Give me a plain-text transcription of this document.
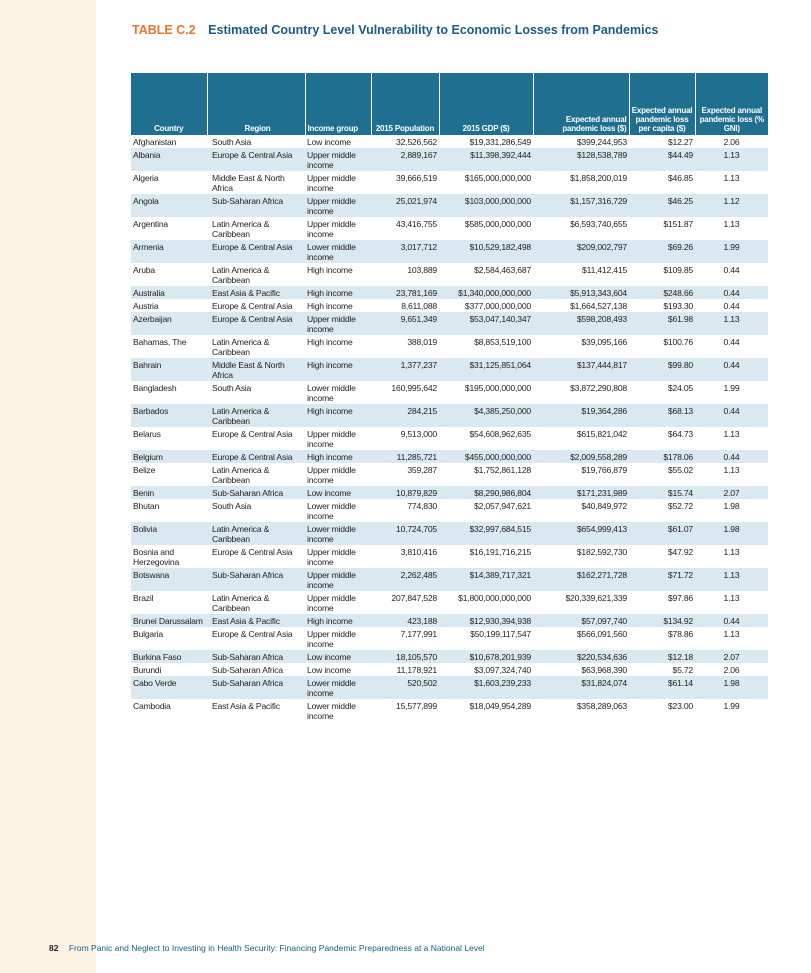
TABLE C.2 Estimated Country Level Vulnerability to Economic Losses from Pandemics
Country	Region	Income group	2015 Population	2015 GDP ($)	Expected annual pandemic loss ($)	Expected annual pandemic loss per capita ($)	Expected annual pandemic loss (% GNI)
Afghanistan	South Asia	Low income	32,526,562	$19,331,286,549	$399,244,953	$12.27	2.06
Albania	Europe & Central Asia	Upper middle income	2,889,167	$11,398,392,444	$128,538,789	$44.49	1.13
Algeria	Middle East & North Africa	Upper middle income	39,666,519	$165,000,000,000	$1,858,200,019	$46.85	1.13
Angola	Sub-Saharan Africa	Upper middle income	25,021,974	$103,000,000,000	$1,157,316,729	$46.25	1.12
Argentina	Latin America & Caribbean	Upper middle income	43,416,755	$585,000,000,000	$6,593,740,655	$151.87	1.13
Armenia	Europe & Central Asia	Lower middle income	3,017,712	$10,529,182,498	$209,002,797	$69.26	1.99
Aruba	Latin America & Caribbean	High income	103,889	$2,584,463,687	$11,412,415	$109.85	0.44
Australia	East Asia & Pacific	High income	23,781,169	$1,340,000,000,000	$5,913,343,604	$248.66	0.44
Austria	Europe & Central Asia	High income	8,611,088	$377,000,000,000	$1,664,527,138	$193.30	0.44
Azerbaijan	Europe & Central Asia	Upper middle income	9,651,349	$53,047,140,347	$598,208,493	$61.98	1.13
Bahamas, The	Latin America & Caribbean	High income	388,019	$8,853,519,100	$39,095,166	$100.76	0.44
Bahrain	Middle East & North Africa	High income	1,377,237	$31,125,851,064	$137,444,817	$99.80	0.44
Bangladesh	South Asia	Lower middle income	160,995,642	$195,000,000,000	$3,872,290,808	$24.05	1.99
Barbados	Latin America & Caribbean	High income	284,215	$4,385,250,000	$19,364,286	$68.13	0.44
Belarus	Europe & Central Asia	Upper middle income	9,513,000	$54,608,962,635	$615,821,042	$64.73	1.13
Belgium	Europe & Central Asia	High income	11,285,721	$455,000,000,000	$2,009,558,289	$178.06	0.44
Belize	Latin America & Caribbean	Upper middle income	359,287	$1,752,861,128	$19,766,879	$55.02	1.13
Benin	Sub-Saharan Africa	Low income	10,879,829	$8,290,986,804	$171,231,989	$15.74	2.07
Bhutan	South Asia	Lower middle income	774,830	$2,057,947,621	$40,849,972	$52.72	1.98
Bolivia	Latin America & Caribbean	Lower middle income	10,724,705	$32,997,684,515	$654,999,413	$61.07	1.98
Bosnia and Herzegovina	Europe & Central Asia	Upper middle income	3,810,416	$16,191,716,215	$182,592,730	$47.92	1.13
Botswana	Sub-Saharan Africa	Upper middle income	2,262,485	$14,389,717,321	$162,271,728	$71.72	1.13
Brazil	Latin America & Caribbean	Upper middle income	207,847,528	$1,800,000,000,000	$20,339,621,339	$97.86	1.13
Brunei Darussalam	East Asia & Pacific	High income	423,188	$12,930,394,938	$57,097,740	$134.92	0.44
Bulgaria	Europe & Central Asia	Upper middle income	7,177,991	$50,199,117,547	$566,091,560	$78.86	1.13
Burkina Faso	Sub-Saharan Africa	Low income	18,105,570	$10,678,201,939	$220,534,636	$12.18	2.07
Burundi	Sub-Saharan Africa	Low income	11,178,921	$3,097,324,740	$63,968,390	$5.72	2.06
Cabo Verde	Sub-Saharan Africa	Lower middle income	520,502	$1,603,239,233	$31,824,074	$61.14	1.98
Cambodia	East Asia & Pacific	Lower middle income	15,577,899	$18,049,954,289	$358,289,063	$23.00	1.99
82 From Panic and Neglect to Investing in Health Security: Financing Pandemic Preparedness at a National Level
